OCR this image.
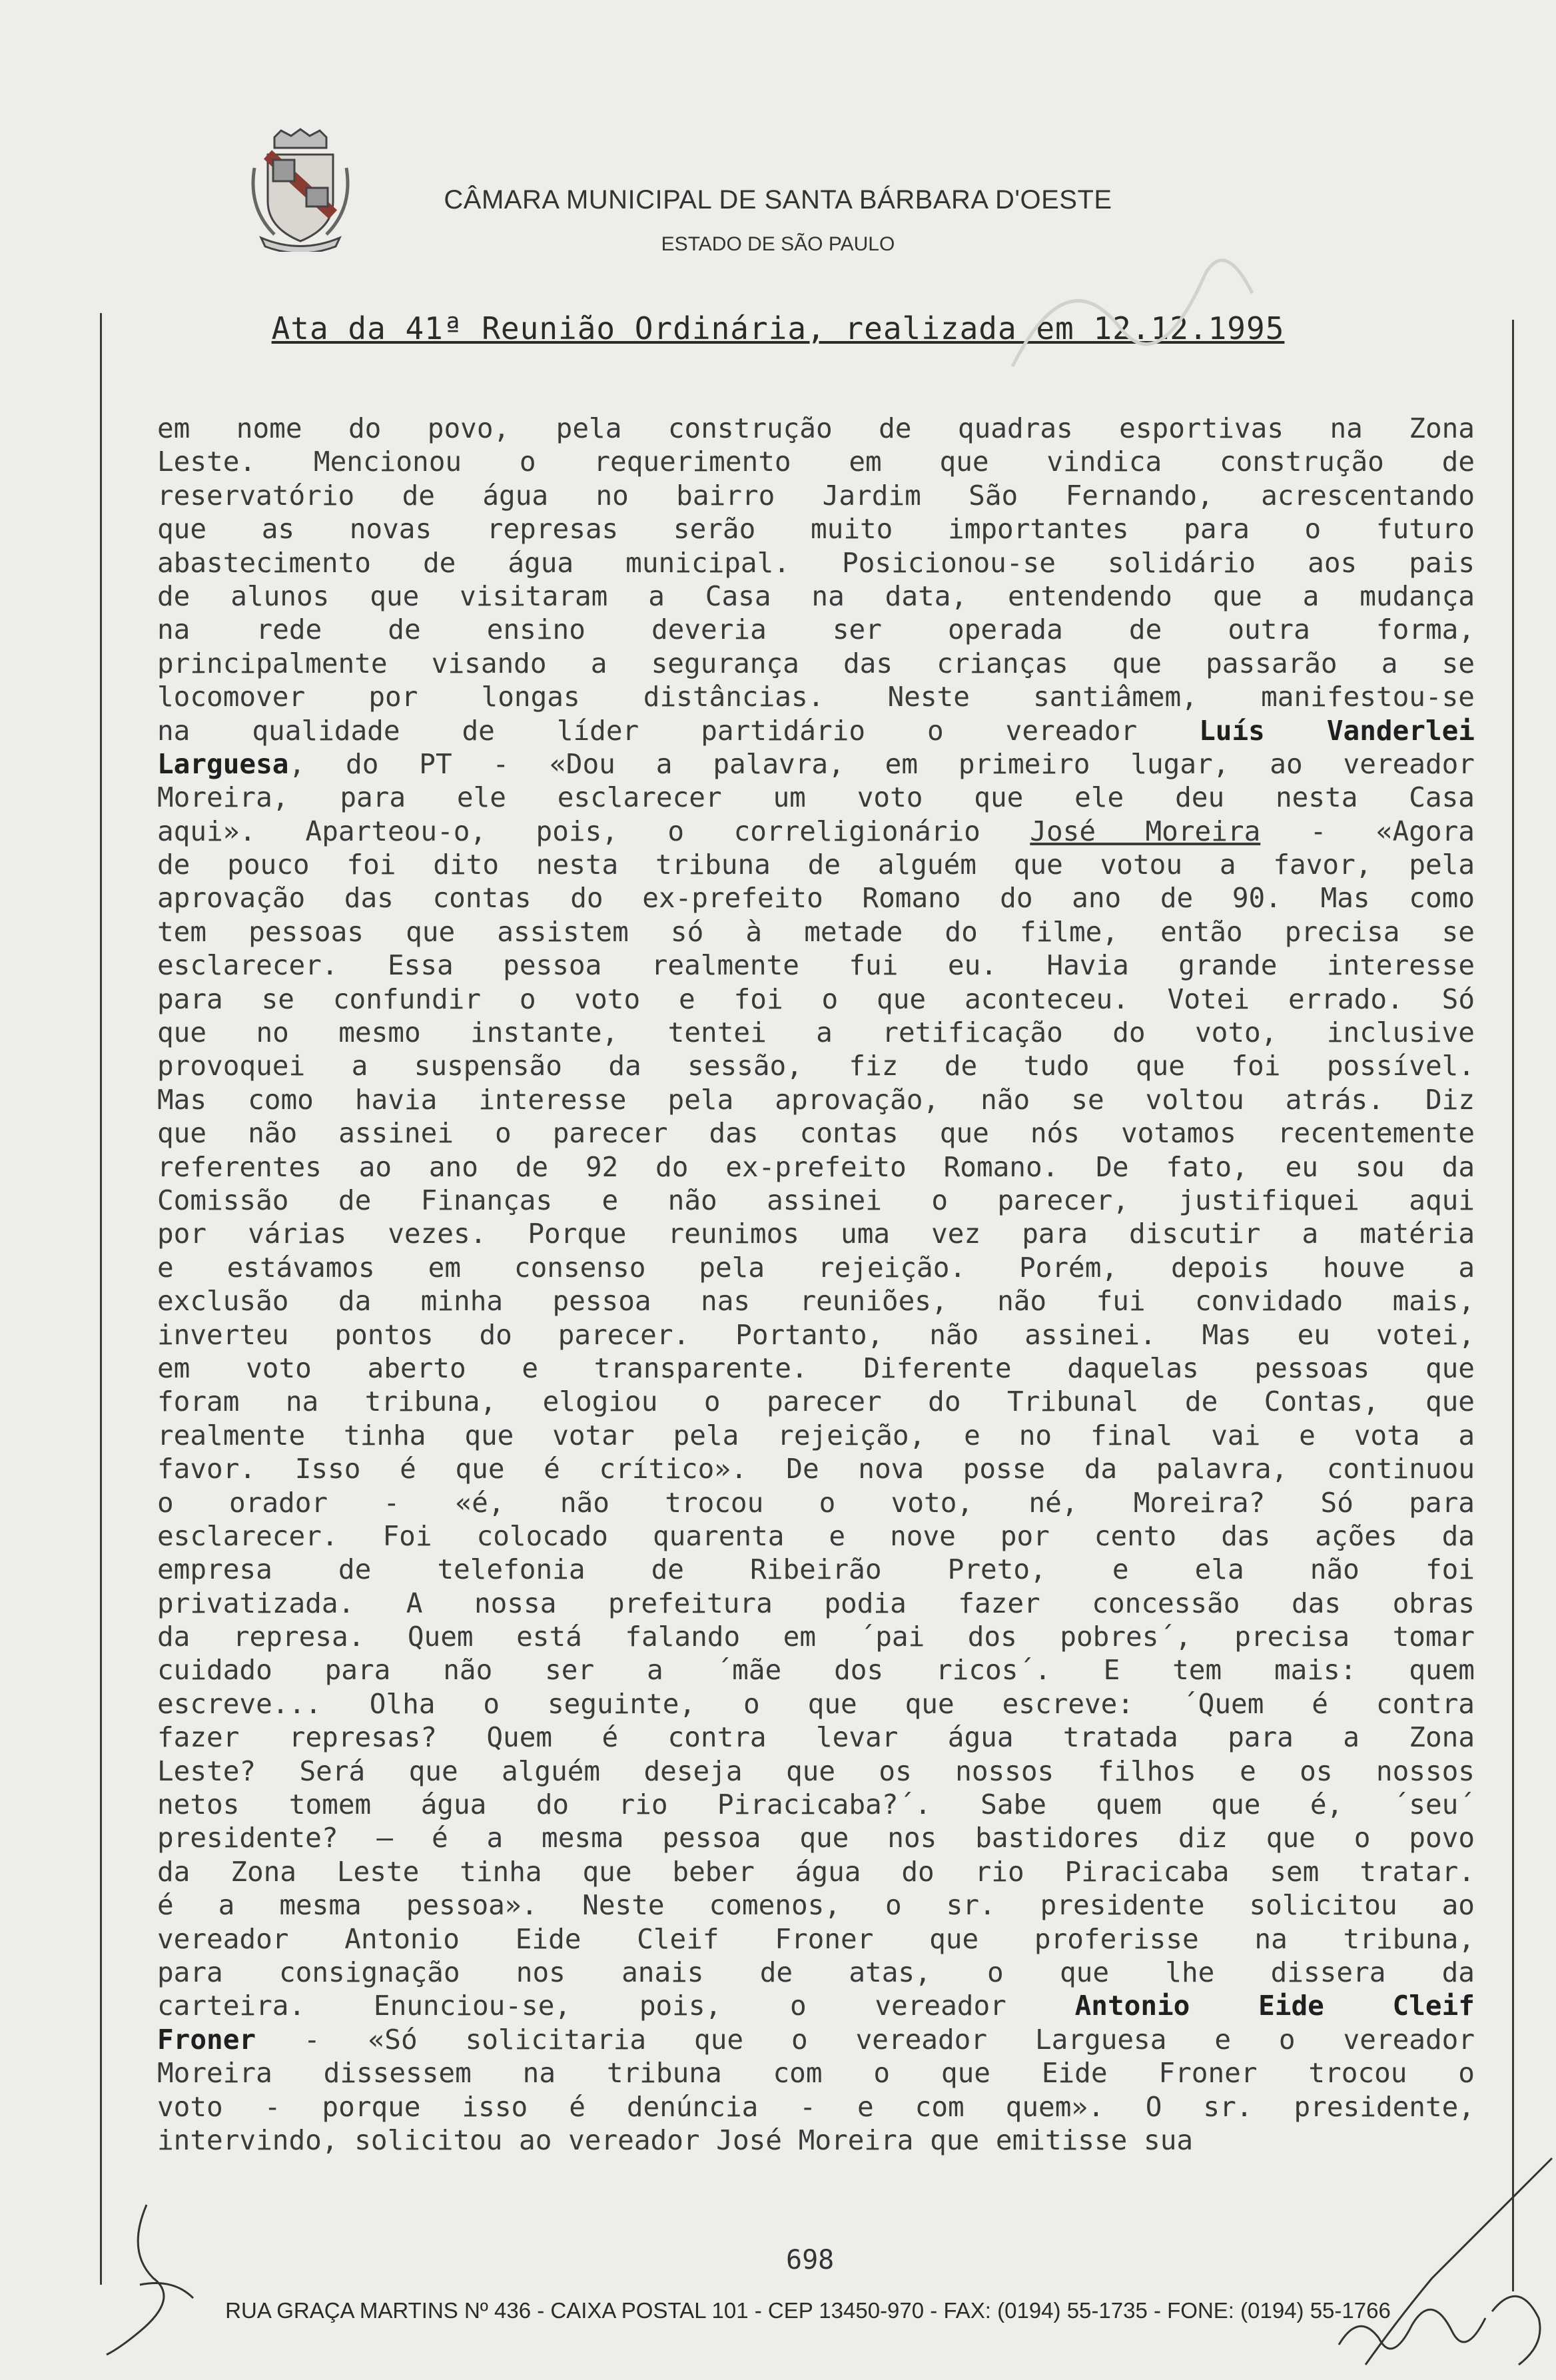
CÂMARA MUNICIPAL DE SANTA BÁRBARA D'OESTE
ESTADO DE SÃO PAULO
Ata da 41ª Reunião Ordinária, realizada em 12.12.1995
em nome do povo, pela construção de quadras esportivas na Zona
Leste. Mencionou o requerimento em que vindica construção de
reservatório de água no bairro Jardim São Fernando, acrescentando
que as novas represas serão muito importantes para o futuro
abastecimento de água municipal. Posicionou-se solidário aos pais
de alunos que visitaram a Casa na data, entendendo que a mudança
na rede de ensino deveria ser operada de outra forma,
principalmente visando a segurança das crianças que passarão a se
locomover por longas distâncias. Neste santiâmem, manifestou-se
na qualidade de líder partidário o vereador Luís Vanderlei
Larguesa, do PT - «Dou a palavra, em primeiro lugar, ao vereador
Moreira, para ele esclarecer um voto que ele deu nesta Casa
aqui». Aparteou-o, pois, o correligionário José Moreira - «Agora
de pouco foi dito nesta tribuna de alguém que votou a favor, pela
aprovação das contas do ex-prefeito Romano do ano de 90. Mas como
tem pessoas que assistem só à metade do filme, então precisa se
esclarecer. Essa pessoa realmente fui eu. Havia grande interesse
para se confundir o voto e foi o que aconteceu. Votei errado. Só
que no mesmo instante, tentei a retificação do voto, inclusive
provoquei a suspensão da sessão, fiz de tudo que foi possível.
Mas como havia interesse pela aprovação, não se voltou atrás. Diz
que não assinei o parecer das contas que nós votamos recentemente
referentes ao ano de 92 do ex-prefeito Romano. De fato, eu sou da
Comissão de Finanças e não assinei o parecer, justifiquei aqui
por várias vezes. Porque reunimos uma vez para discutir a matéria
e estávamos em consenso pela rejeição. Porém, depois houve a
exclusão da minha pessoa nas reuniões, não fui convidado mais,
inverteu pontos do parecer. Portanto, não assinei. Mas eu votei,
em voto aberto e transparente. Diferente daquelas pessoas que
foram na tribuna, elogiou o parecer do Tribunal de Contas, que
realmente tinha que votar pela rejeição, e no final vai e vota a
favor. Isso é que é crítico». De nova posse da palavra, continuou
o orador - «é, não trocou o voto, né, Moreira? Só para
esclarecer. Foi colocado quarenta e nove por cento das ações da
empresa de telefonia de Ribeirão Preto, e ela não foi
privatizada. A nossa prefeitura podia fazer concessão das obras
da represa. Quem está falando em ´pai dos pobres´, precisa tomar
cuidado para não ser a ´mãe dos ricos´. E tem mais: quem
escreve... Olha o seguinte, o que que escreve: ´Quem é contra
fazer represas? Quem é contra levar água tratada para a Zona
Leste? Será que alguém deseja que os nossos filhos e os nossos
netos tomem água do rio Piracicaba?´. Sabe quem que é, ´seu´
presidente? — é a mesma pessoa que nos bastidores diz que o povo
da Zona Leste tinha que beber água do rio Piracicaba sem tratar.
é a mesma pessoa». Neste comenos, o sr. presidente solicitou ao
vereador Antonio Eide Cleif Froner que proferisse na tribuna,
para consignação nos anais de atas, o que lhe dissera da
carteira. Enunciou-se, pois, o vereador Antonio Eide Cleif
Froner - «Só solicitaria que o vereador Larguesa e o vereador
Moreira dissessem na tribuna com o que Eide Froner trocou o
voto - porque isso é denúncia - e com quem». O sr. presidente,
intervindo, solicitou ao vereador José Moreira que emitisse sua
698
RUA GRAÇA MARTINS Nº 436 - CAIXA POSTAL 101 - CEP 13450-970 - FAX: (0194) 55-1735 - FONE: (0194) 55-1766
